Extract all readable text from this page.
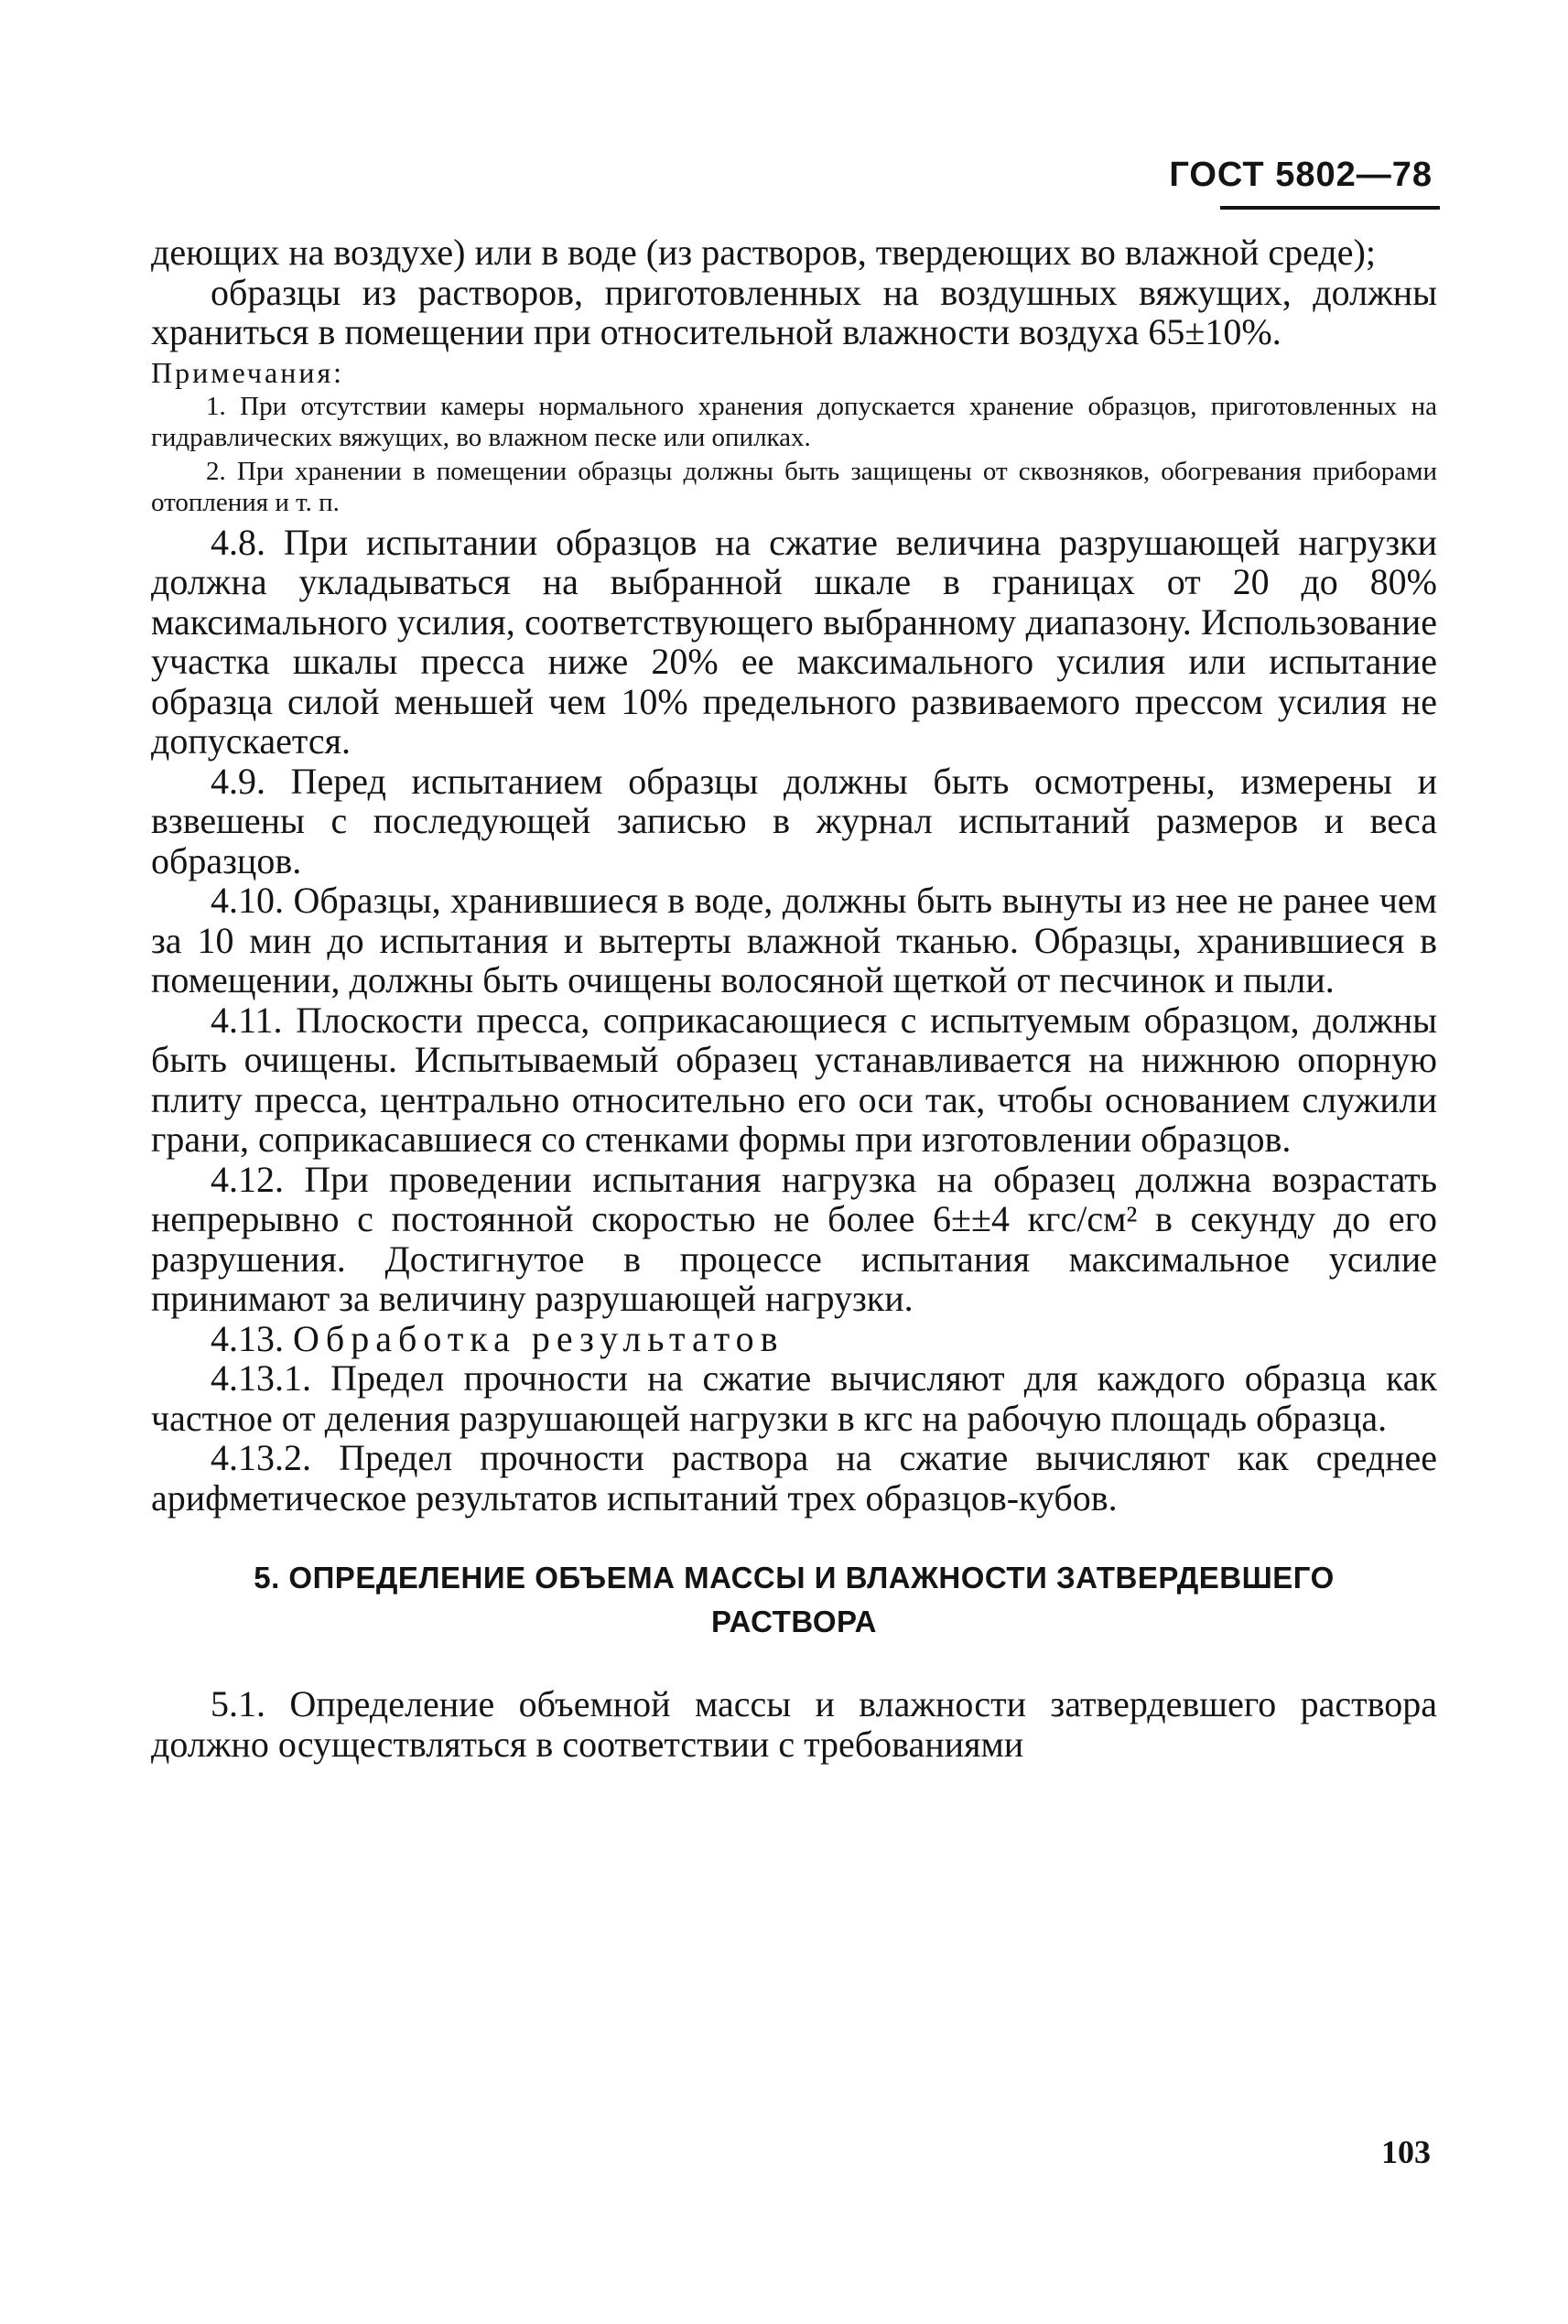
ГОСТ 5802—78

деющих на воздухе) или в воде (из растворов, твердеющих во влажной среде);

образцы из растворов, приготовленных на воздушных вяжущих, должны храниться в помещении при относительной влажности воздуха 65±10%.

Примечания:

1. При отсутствии камеры нормального хранения допускается хранение образцов, приготовленных на гидравлических вяжущих, во влажном песке или опилках.

2. При хранении в помещении образцы должны быть защищены от сквозняков, обогревания приборами отопления и т. п.

4.8. При испытании образцов на сжатие величина разрушающей нагрузки должна укладываться на выбранной шкале в границах от 20 до 80% максимального усилия, соответствующего выбранному диапазону. Использование участка шкалы пресса ниже 20% ее максимального усилия или испытание образца силой меньшей чем 10% предельного развиваемого прессом усилия не допускается.

4.9. Перед испытанием образцы должны быть осмотрены, измерены и взвешены с последующей записью в журнал испытаний размеров и веса образцов.

4.10. Образцы, хранившиеся в воде, должны быть вынуты из нее не ранее чем за 10 мин до испытания и вытерты влажной тканью. Образцы, хранившиеся в помещении, должны быть очищены волосяной щеткой от песчинок и пыли.

4.11. Плоскости пресса, соприкасающиеся с испытуемым образцом, должны быть очищены. Испытываемый образец устанавливается на нижнюю опорную плиту пресса, центрально относительно его оси так, чтобы основанием служили грани, соприкасавшиеся со стенками формы при изготовлении образцов.

4.12. При проведении испытания нагрузка на образец должна возрастать непрерывно с постоянной скоростью не более 6±±4 кгс/см² в секунду до его разрушения. Достигнутое в процессе испытания максимальное усилие принимают за величину разрушающей нагрузки.

4.13. Обработка результатов

4.13.1. Предел прочности на сжатие вычисляют для каждого образца как частное от деления разрушающей нагрузки в кгс на рабочую площадь образца.

4.13.2. Предел прочности раствора на сжатие вычисляют как среднее арифметическое результатов испытаний трех образцов-кубов.

5. ОПРЕДЕЛЕНИЕ ОБЪЕМА МАССЫ И ВЛАЖНОСТИ ЗАТВЕРДЕВШЕГО РАСТВОРА

5.1. Определение объемной массы и влажности затвердевшего раствора должно осуществляться в соответствии с требованиями

103
